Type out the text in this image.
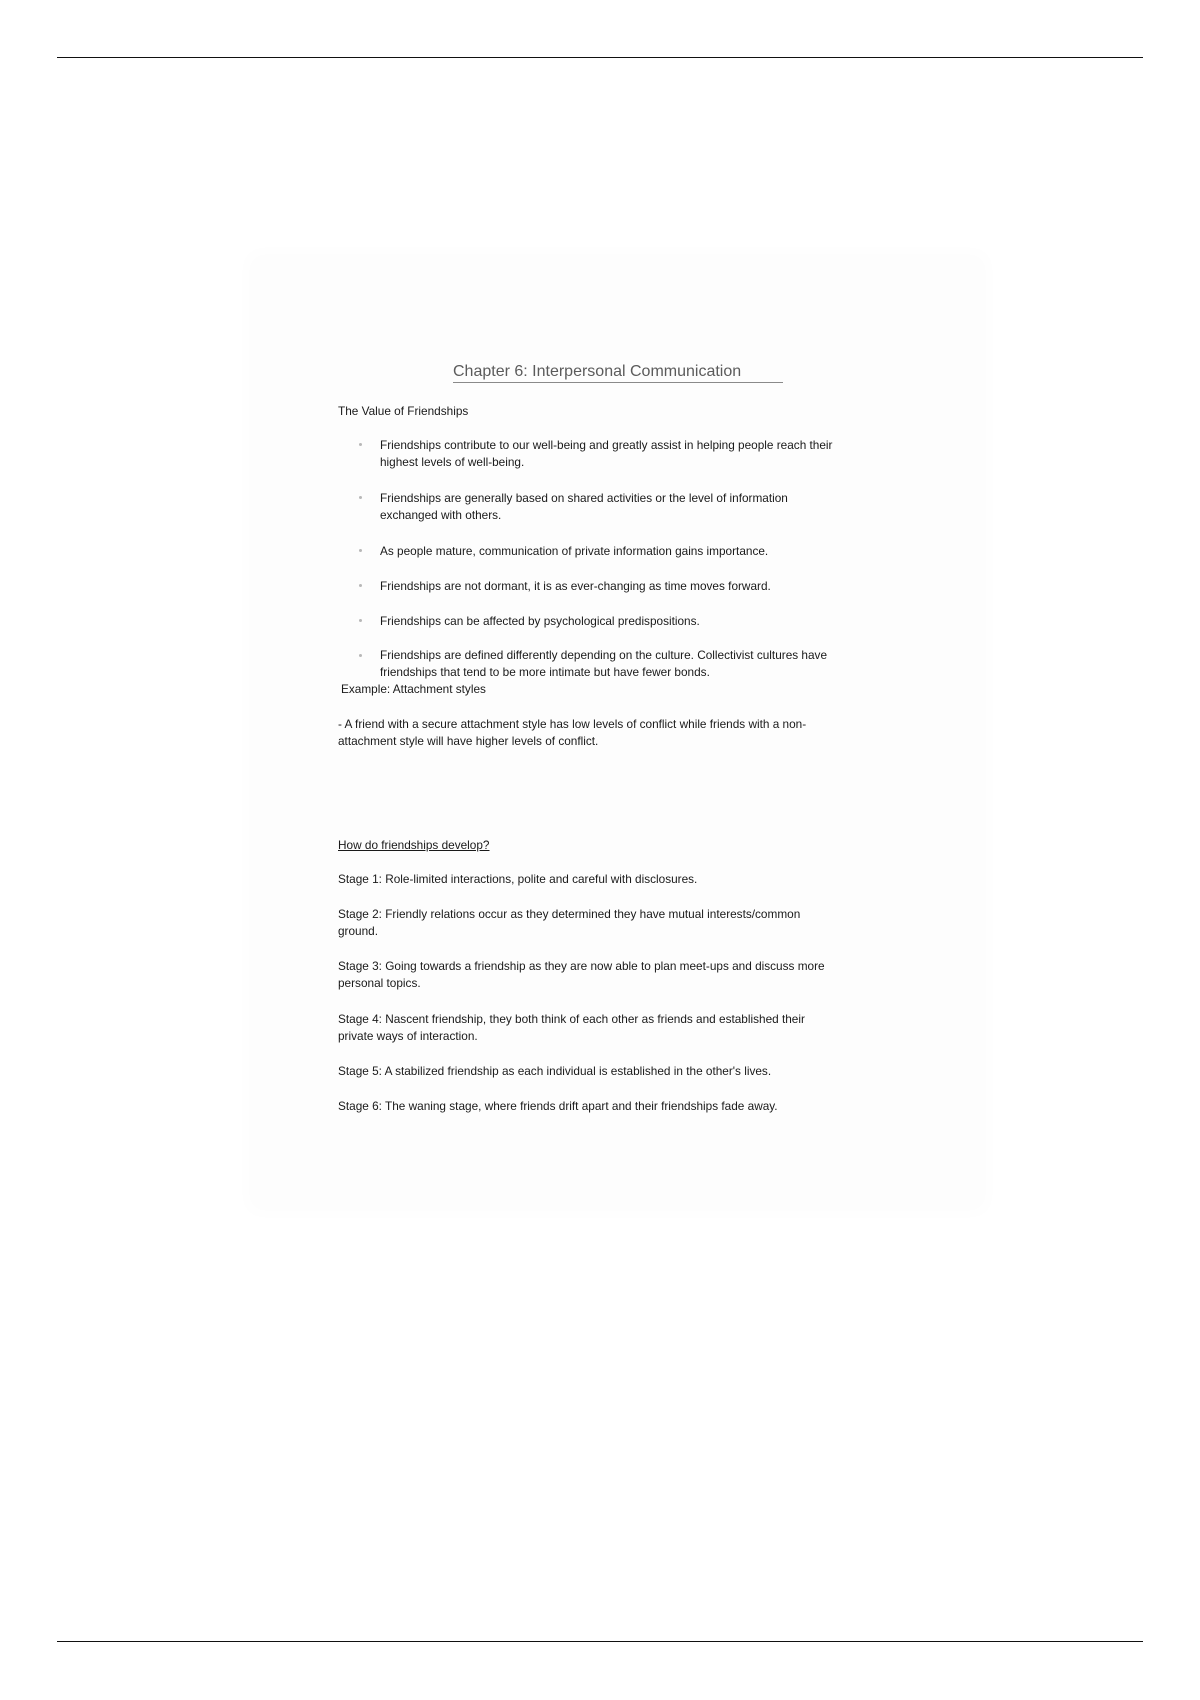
Chapter 6: Interpersonal Communication

The Value of Friendships

Friendships contribute to our well-being and greatly assist in helping people reach their

highest levels of well-being.

Friendships are generally based on shared activities or the level of information

exchanged with others.

As people mature, communication of private information gains importance.

Friendships are not dormant, it is as ever-changing as time moves forward.

Friendships can be affected by psychological predispositions.

Friendships are defined differently depending on the culture. Collectivist cultures have

friendships that tend to be more intimate but have fewer bonds.

Example: Attachment styles

- A friend with a secure attachment style has low levels of conflict while friends with a non-

attachment style will have higher levels of conflict.

How do friendships develop?

Stage 1: Role-limited interactions, polite and careful with disclosures.

Stage 2: Friendly relations occur as they determined they have mutual interests/common

ground.

Stage 3: Going towards a friendship as they are now able to plan meet-ups and discuss more

personal topics.

Stage 4: Nascent friendship, they both think of each other as friends and established their

private ways of interaction.

Stage 5: A stabilized friendship as each individual is established in the other's lives.

Stage 6: The waning stage, where friends drift apart and their friendships fade away.
